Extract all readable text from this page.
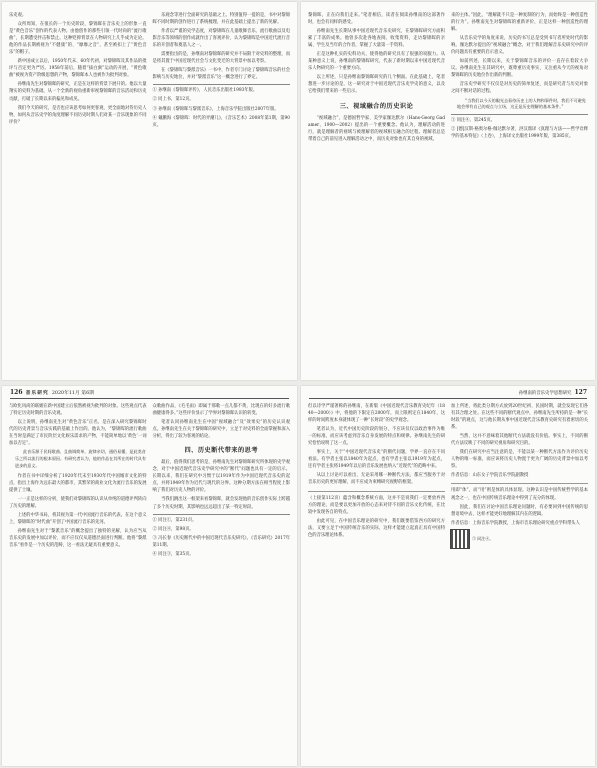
乐史观。

众所周知，在很长的一个历史阶段，黎锦晖在音乐史上的形象一直是“黄色音乐”创作的代表人物。由他创作的那些引领一代时尚的“流行歌曲”，长期遭受抨击和禁止。这种贬抑背景在人物研究上几乎成为定论。他的作品长期被视为“不健康”的、“靡靡之音”，甚至被扣上了“黄色音乐”的帽子。

新中国成立以后，1950年代末、60年代初，对黎锦晖及其作品的批评与否定更为严厉。1958年前后，随着“拔白旗”运动的开展，“黄色歌曲”被视为资产阶级思想的产物，黎锦晖本人也被作为批判对象。

孙继南先生对黎锦晖的研究，正是在这样的背景下展开的。他以大量翔实的史料为基础，从一个全新的视角重新审视黎锦晖的音乐活动和历史贡献，打破了长期以来的偏见和成见。

我们今天的研究，是否也应该思考如何更客观、更全面地对待历史人物，如何从音乐史学的角度理解不同历史时期人们对某一音乐现象的不同评价？

乐观念等进行全面研究的基础之上。特别值得一提的是，书中对黎锦晖不同时期的创作进行了系统梳理，并在此基础上提出了新的见解。

作者以严谨的史学态度，对黎锦晖在儿童歌舞音乐、流行歌曲以及电影音乐等领域的创作成就作出了客观评价，认为黎锦晖是中国近代流行音乐的开创者和奠基人之一。

需要指出的是，孙继南对黎锦晖的研究并不局限于对史料的整理，而是将其置于中国近现代社会与文化变迁的大背景中加以考察。

在《黎锦晖与黎派音乐》一书中，作者专门讨论了黎锦晖音乐的社会影响与历史地位，并对“黎派音乐”这一概念进行了界定。

① 孙继南《黎锦晖评传》，人民音乐出版社1993年版。

② 同上书，第12页。

③ 孙继南《黎锦晖与黎派音乐》，上海音乐学院出版社2007年版。

④ 戴鹏海《黎锦晖：时代的弄潮儿》，《音乐艺术》2008年第1期，第90页。

黎锦晖，正在向我们走来。”笔者相信，读者在阅读孙继南的这部著作时，也会有同样的感受。

孙继南先生长期从事中国近现代音乐史研究，在黎锦晖研究方面积累了丰富的成果。他曾多次赴各地查阅、收集资料，走访黎锦晖的亲属、学生及当年的合作者，掌握了大量第一手资料。

正是这种扎实的史料功夫，使得他的研究具有了很强的说服力。从某种意义上说，孙继南的黎锦晖研究，代表了新时期以来中国近现代音乐人物研究的一个重要方向。

以上所述，只是孙继南黎锦晖研究的几个侧面。在此基础上，笔者想进一步讨论的是，这一研究对于中国近现代音乐史学史的意义，以及它给我们带来的一些启示。

三、视域融合的历史识论

“视域融合”，是德国哲学家、美学家伽达默尔（Hans-Georg Gadamer，1900—2002）提出的一个重要概念。他认为，理解活动的进行，就是理解者的视域与被理解者的视域相互融合的过程。理解者总是带着自己的前见进入理解活动之中，而历史对象也有其自身的视域。

来的主体。”因此，“理解就不只是一种复制的行为，而始终是一种创造性的行为”。孙继南先生对黎锦晖的重新评价，正是这样一种创造性的理解。

从音乐史学的角度来说，历史的书写总是受到书写者所处时代的影响。伽达默尔提出的“视域融合”概念，对于我们理解音乐史研究中的评价问题具有重要的启示意义。

如前所述，长期以来，关于黎锦晖音乐的评价一直存在着较大争议。孙继南先生在其研究中，既尊重历史事实，又注重从今天的视角对黎锦晖的历史地位作出新的判断。

音乐史学研究不仅仅是对历史的简单复述，而是研究者与历史对象之间不断对话的过程。

“当我们以今天的眼光去看待历史上的人物和事件时，我们不可避免地会带有自己的观点与立场，这正是历史理解的基本条件。”

① 同注④，第245页。

② [德]汉斯-格奥尔格·伽达默尔著，洪汉鼎译《真理与方法——哲学诠释学的基本特征》（上卷），上海译文出版社1999年版，第385页。

126 音乐研究 2020年11月 第6期

与欧化风尚的联姻在新中国建立后依然被视为批判的对象。这些观点代表了特定历史时期的音乐史观。

以上说明，孙继南先生对“黄色音乐”正名，是在深入研究黎锦晖时代的历史背景与音乐实践的基础上作出的。他认为，“黎锦晖的流行歌曲在当时是满足了市民阶层文化娱乐需求的产物，不能简单地以‘黄色’一词加以否定”。

此音乐源于民间歌曲、且曲调简单，旋律亲切，通俗易懂，是此类音乐之所以流行的根本原因。有研究者认为，他的作品在其所在的时代具有进步的意义。

作者在书中详细分析了1920年代末至1930年代中国城市文化的特点，指出上海作为远东最大的都市，其繁荣的商业文化为流行音乐的发展提供了土壤。

一一正是这样的分析，使我们对黎锦晖的认识从单纯的道德评判转向了历史的理解。

上述的中华书局，将其视为第一代中国流行音乐的代表。在这个意义上，黎锦晖的“时代曲”开创了中国流行音乐的先河。

孙继南先生对于“黎派音乐”的概念提出了独特的见解，认为应当从音乐史的发展中加以评价，而不应仅仅从道德层面进行判断。他将“黎派音乐”看作是一个历史的范畴，这一看法无疑具有重要意义。

众歌曲作品，《毛毛雨》即属于那歌一点儿都不黄，比现在的好多流行歌曲健康得多。”这些评价显示了学界对黎锦晖认识的转变。

笔者认同孙继南先生在中国“视域融合”及“效果史”的历史认识观点。孙继南先生在关于黎锦晖的研究中，立足于对史料的全面掌握和深入分析，得出了较为客观的结论。

四、历史断代带来的思考

最后，值得我们思考的是，孙继南先生对黎锦晖研究所体现的史学观念，对于中国近现代音乐史学研究中的“断代”问题也具有一定的启示。长期以来，我们在研究中习惯于以1919年作为中国近现代音乐史的起点，并将1949年作为近代与现代的分界。这种分期方法在相当程度上影响了我们对历史人物的评价。

当我们跳出这一框架来看黎锦晖，就会发现他的音乐创作实际上跨越了多个历史时期，其影响也远远超出了某一特定时段。

① 同注①，第231页。

② 同注④，第98页。

③ 冯长春《历史断代中的中国近现代音乐史研究》，《音乐研究》2017年第11期。

④ 同注③，第35页。

孙继南的音乐史学思想研究 127

但以诗学严谨著称的孙继南，在新版《中国近现代音乐教育史纪年（1840—2000）》中，将他的下限定在2000年，而上限则定在1840年，这样的时间跨度本身就体现了一种“长时段”的史学观念。

笔者认为，近代中国历史阶段的划分，不应该仅仅以政治事件为唯一的标准，而应该考虑到音乐自身发展的特点和规律。孙继南先生的研究恰恰说明了这一点。

事实上，关于“中国近现代音乐史”的断代问题，学界一直存在不同看法。有学者主张以1840年为起点，也有学者主张以1919年为起点，还有学者主张将1949年以后的音乐发展也纳入“近现代”的范畴中来。

从以上讨论可以看出，无论采用哪一种断代方法，都应当服务于对音乐历史的更好理解，而不应成为束缚研究视野的框架。

（上接第112页）蕴含和概念系统方面，这并不是说我们一定要放弃西方的理论，而是要以更加开放的心态来对待不同的音乐文化传统，在比较中发现各自的特点。

由此可见，在中国音乐理论的研究中，我们既要借鉴西方的研究方法，又要立足于中国传统音乐的实际，这样才能建立起真正具有中国特色的音乐理论体系。

加上所述，将此类分期方式放到20世纪初、民国时期，就会发现它们各有其合理之处。在这些不同的断代观点中，孙继南先生所持的是一种“长时段”的观点，这与他长期从事中国近现代音乐教育史研究有着密切的关系。

当然，这并不意味着其他断代方法就没有价值。事实上，不同的断代方法反映了不同的研究视角和研究目的。

我们在研究中应当注意的是，不能以某一种断代方法作为评价历史人物的唯一标准，而应该将历史人物置于更为广阔的历史背景中加以考察。

作者信息：山东女子学院音乐学院副教授

用即“体”，而“用”则是体的具体显现。这种认识是中国传统哲学的基本观念之一，也在中国传统音乐理论中得到了充分的体现。

因此，我们在讨论中国音乐理论问题时，有必要回到中国传统的思想语境中去，这样才能更好地理解其内在的逻辑。

作者信息：上海音乐学院教授，上海市音乐理论研究重点学科带头人

③ 同注④。
